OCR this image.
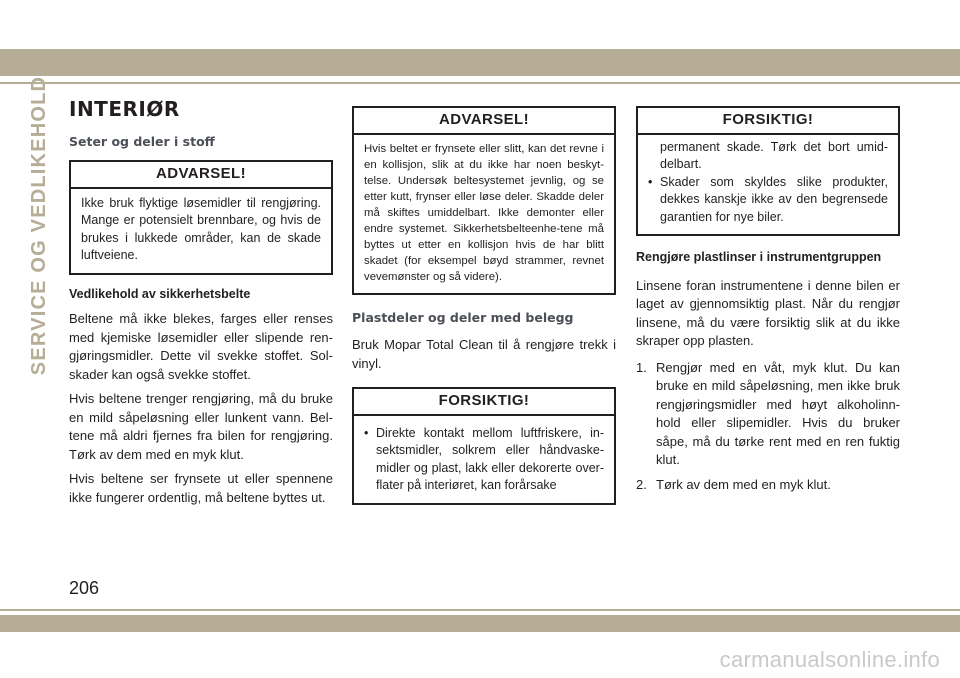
SERVICE OG VEDLIKEHOLD INTERIØR
Seter og deler i stoff
ADVARSEL!
Ikke bruk flyktige løsemidler til rengjøring. Mange er potensielt brennbare, og hvis de brukes i lukkede områder, kan de skade luftveiene.
Vedlikehold av sikkerhetsbelte

Beltene må ikke blekes, farges eller renses med kjemiske løsemidler eller slipende ren-gjøringsmidler. Dette vil svekke stoffet. Sol-skader kan også svekke stoffet.

Hvis beltene trenger rengjøring, må du bruke en mild såpeløsning eller lunkent vann. Bel-tene må aldri fjernes fra bilen for rengjøring. Tørk av dem med en myk klut.

Hvis beltene ser frynsete ut eller spennene ikke fungerer ordentlig, må beltene byttes ut.

ADVARSEL!
Hvis beltet er frynsete eller slitt, kan det revne i en kollisjon, slik at du ikke har noen beskyt-telse. Undersøk beltesystemet jevnlig, og se etter kutt, frynser eller løse deler. Skadde deler må skiftes umiddelbart. Ikke demonter eller endre systemet. Sikkerhetsbelteenhe-tene må byttes ut etter en kollisjon hvis de har blitt skadet (for eksempel bøyd strammer, revnet vevemønster og så videre).
Plastdeler og deler med belegg

Bruk Mopar Total Clean til å rengjøre trekk i vinyl.

FORSIKTIG!
• Direkte kontakt mellom luftfriskere, in-sektsmidler, solkrem eller håndvaske-midler og plast, lakk eller dekorerte over-flater på interiøret, kan forårsake
FORSIKTIG!
permanent skade. Tørk det bort umid-delbart.
• Skader som skyldes slike produkter, dekkes kanskje ikke av den begrensede garantien for nye biler.
Rengjøre plastlinser i instrumentgruppen

Linsene foran instrumentene i denne bilen er laget av gjennomsiktig plast. Når du rengjør linsene, må du være forsiktig slik at du ikke skraper opp plasten.

1. Rengjør med en våt, myk klut. Du kan bruke en mild såpeløsning, men ikke bruk rengjøringsmidler med høyt alkoholinn-hold eller slipemidler. Hvis du bruker såpe, må du tørke rent med en ren fuktig klut.
2. Tørk av dem med en myk klut.
206
carmanualsonline.info
